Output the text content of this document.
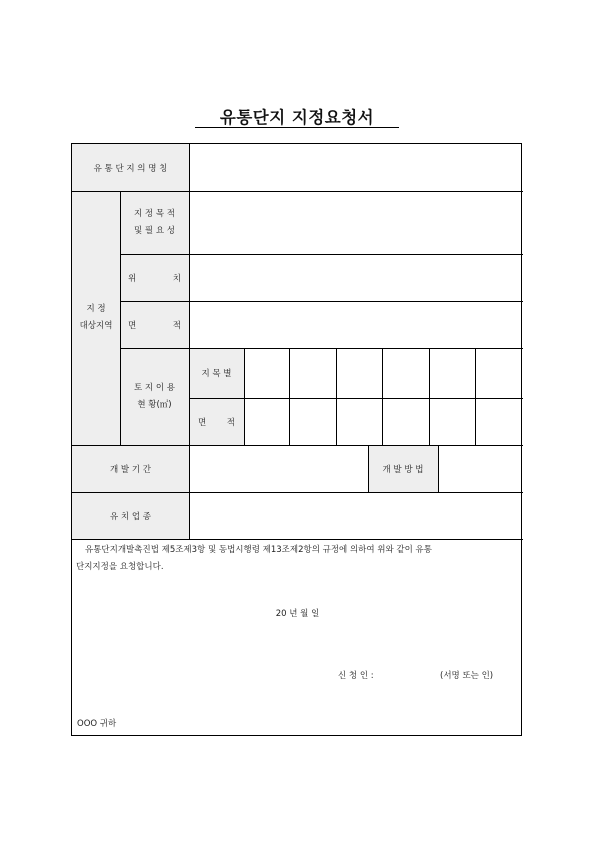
유통단지 지정요청서
유 통 단 지 의 명 칭
지 정
대상지역
지 정 목 적
및 필 요 성
위	치
면	적
토 지 이 용
현 황(㎡)
지 목 별
면 적
개 발 기 간	개 발 방 법
유 치 업 종
유통단지개발촉진법 제5조제3항 및 동법시행령 제13조제2항의 규정에 의하여 위와 같이 유통
단지지정을 요청합니다.
20 년 월 일
신 청 인 :	(서명 또는 인)
OOO 귀하
